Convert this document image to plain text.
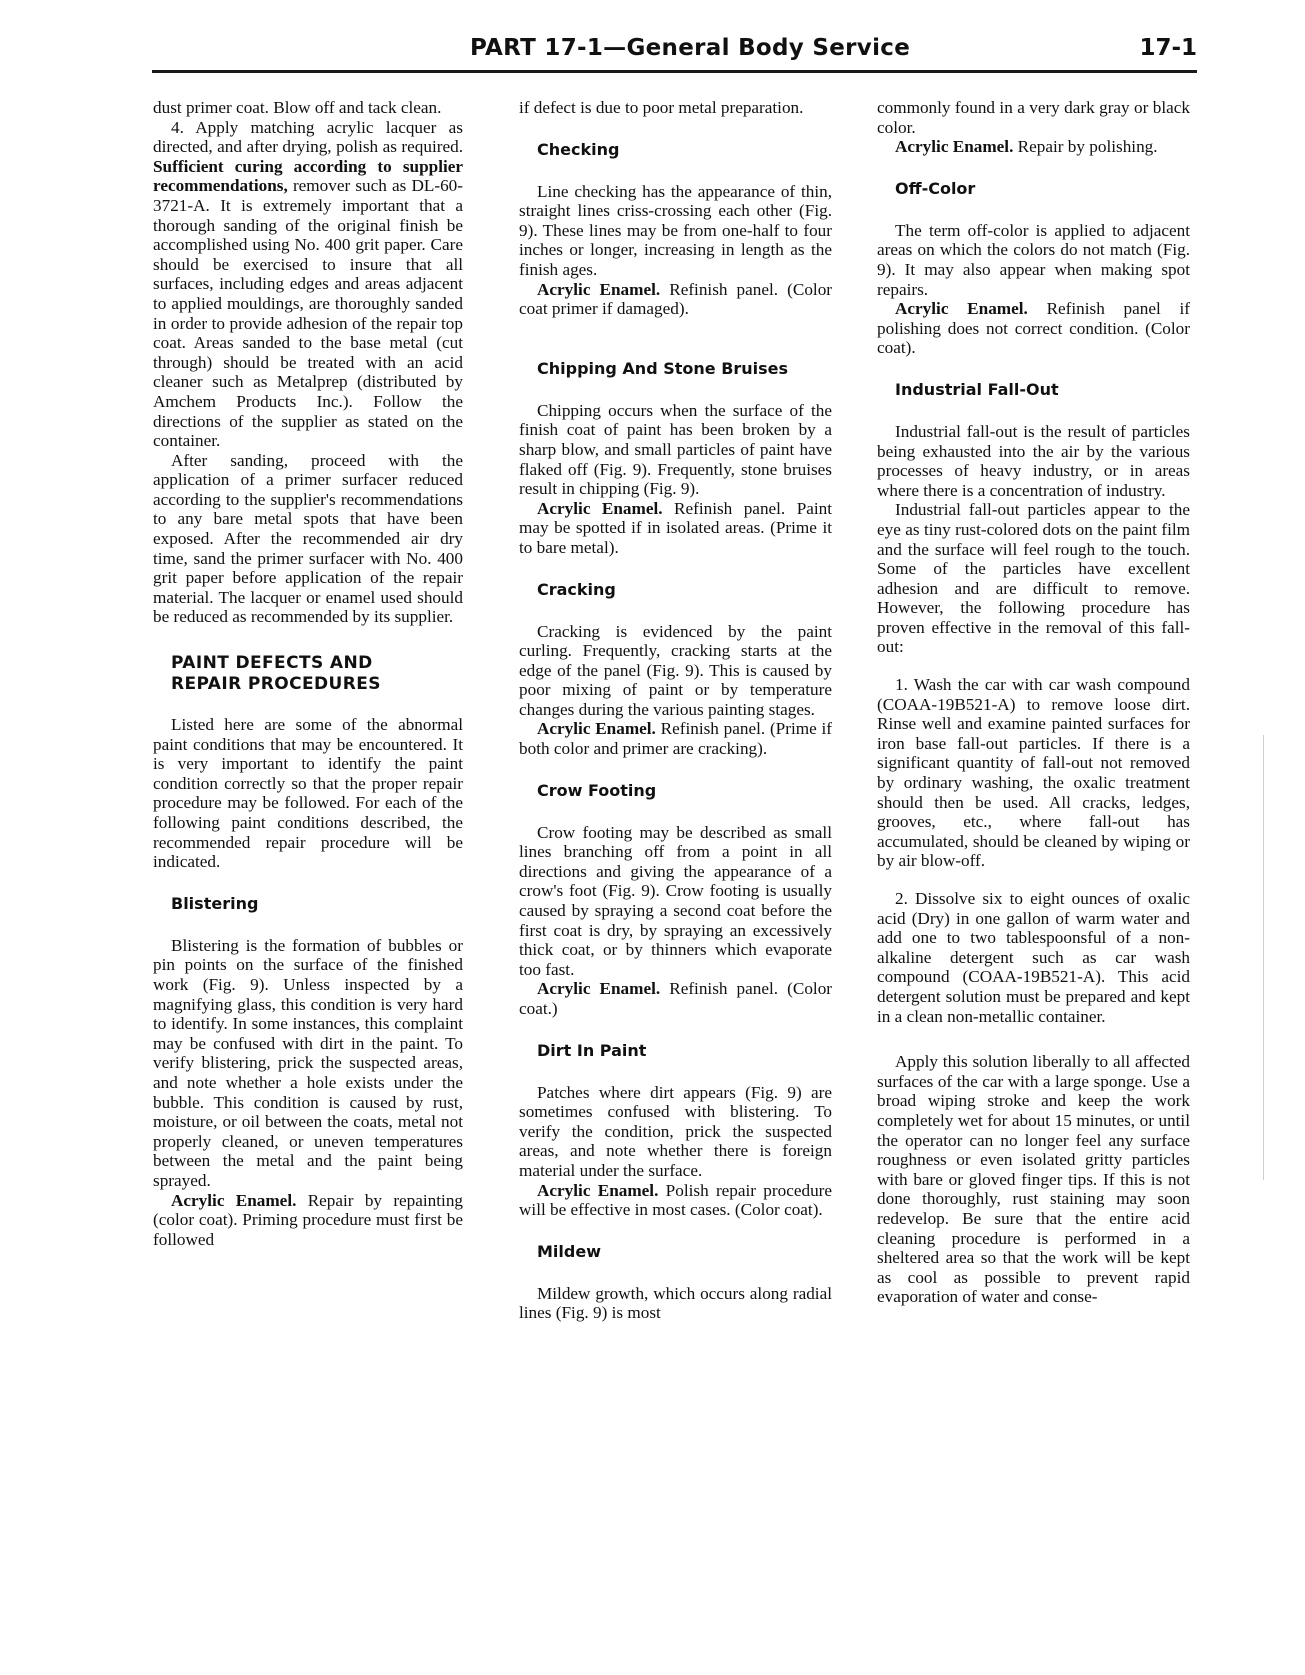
PART 17-1—General Body Service	17-1

dust primer coat. Blow off and tack clean.

4. Apply matching acrylic lacquer as directed, and after drying, polish as required. Sufficient curing according to supplier recommendations, remover such as DL-60-3721-A. It is extremely important that a thorough sanding of the original finish be accomplished using No. 400 grit paper. Care should be exercised to insure that all surfaces, including edges and areas adjacent to applied mouldings, are thoroughly sanded in order to provide adhesion of the repair top coat. Areas sanded to the base metal (cut through) should be treated with an acid cleaner such as Metalprep (distributed by Amchem Products Inc.). Follow the directions of the supplier as stated on the container.

After sanding, proceed with the application of a primer surfacer reduced according to the supplier's recommendations to any bare metal spots that have been exposed. After the recommended air dry time, sand the primer surfacer with No. 400 grit paper before application of the repair material. The lacquer or enamel used should be reduced as recommended by its supplier.

PAINT DEFECTS AND
REPAIR PROCEDURES

Listed here are some of the abnormal paint conditions that may be encountered. It is very important to identify the paint condition correctly so that the proper repair procedure may be followed. For each of the following paint conditions described, the recommended repair procedure will be indicated.

Blistering

Blistering is the formation of bubbles or pin points on the surface of the finished work (Fig. 9). Unless inspected by a magnifying glass, this condition is very hard to identify. In some instances, this complaint may be confused with dirt in the paint. To verify blistering, prick the suspected areas, and note whether a hole exists under the bubble. This condition is caused by rust, moisture, or oil between the coats, metal not properly cleaned, or uneven temperatures between the metal and the paint being sprayed.

Acrylic Enamel. Repair by repainting (color coat). Priming procedure must first be followed

if defect is due to poor metal preparation.

Checking

Line checking has the appearance of thin, straight lines criss-crossing each other (Fig. 9). These lines may be from one-half to four inches or longer, increasing in length as the finish ages.

Acrylic Enamel. Refinish panel. (Color coat primer if damaged).

Chipping And Stone Bruises

Chipping occurs when the surface of the finish coat of paint has been broken by a sharp blow, and small particles of paint have flaked off (Fig. 9). Frequently, stone bruises result in chipping (Fig. 9).

Acrylic Enamel. Refinish panel. Paint may be spotted if in isolated areas. (Prime it to bare metal).

Cracking

Cracking is evidenced by the paint curling. Frequently, cracking starts at the edge of the panel (Fig. 9). This is caused by poor mixing of paint or by temperature changes during the various painting stages.

Acrylic Enamel. Refinish panel. (Prime if both color and primer are cracking).

Crow Footing

Crow footing may be described as small lines branching off from a point in all directions and giving the appearance of a crow's foot (Fig. 9). Crow footing is usually caused by spraying a second coat before the first coat is dry, by spraying an excessively thick coat, or by thinners which evaporate too fast.

Acrylic Enamel. Refinish panel. (Color coat.)

Dirt In Paint

Patches where dirt appears (Fig. 9) are sometimes confused with blistering. To verify the condition, prick the suspected areas, and note whether there is foreign material under the surface.

Acrylic Enamel. Polish repair procedure will be effective in most cases. (Color coat).

Mildew

Mildew growth, which occurs along radial lines (Fig. 9) is most

commonly found in a very dark gray or black color.

Acrylic Enamel. Repair by polishing.

Off-Color

The term off-color is applied to adjacent areas on which the colors do not match (Fig. 9). It may also appear when making spot repairs.

Acrylic Enamel. Refinish panel if polishing does not correct condition. (Color coat).

Industrial Fall-Out

Industrial fall-out is the result of particles being exhausted into the air by the various processes of heavy industry, or in areas where there is a concentration of industry.

Industrial fall-out particles appear to the eye as tiny rust-colored dots on the paint film and the surface will feel rough to the touch. Some of the particles have excellent adhesion and are difficult to remove. However, the following procedure has proven effective in the removal of this fall-out:

1. Wash the car with car wash compound (COAA-19B521-A) to remove loose dirt. Rinse well and examine painted surfaces for iron base fall-out particles. If there is a significant quantity of fall-out not removed by ordinary washing, the oxalic treatment should then be used. All cracks, ledges, grooves, etc., where fall-out has accumulated, should be cleaned by wiping or by air blow-off.

2. Dissolve six to eight ounces of oxalic acid (Dry) in one gallon of warm water and add one to two tablespoonsful of a non-alkaline detergent such as car wash compound (COAA-19B521-A). This acid detergent solution must be prepared and kept in a clean non-metallic container.

Apply this solution liberally to all affected surfaces of the car with a large sponge. Use a broad wiping stroke and keep the work completely wet for about 15 minutes, or until the operator can no longer feel any surface roughness or even isolated gritty particles with bare or gloved finger tips. If this is not done thoroughly, rust staining may soon redevelop. Be sure that the entire acid cleaning procedure is performed in a sheltered area so that the work will be kept as cool as possible to prevent rapid evaporation of water and conse-
